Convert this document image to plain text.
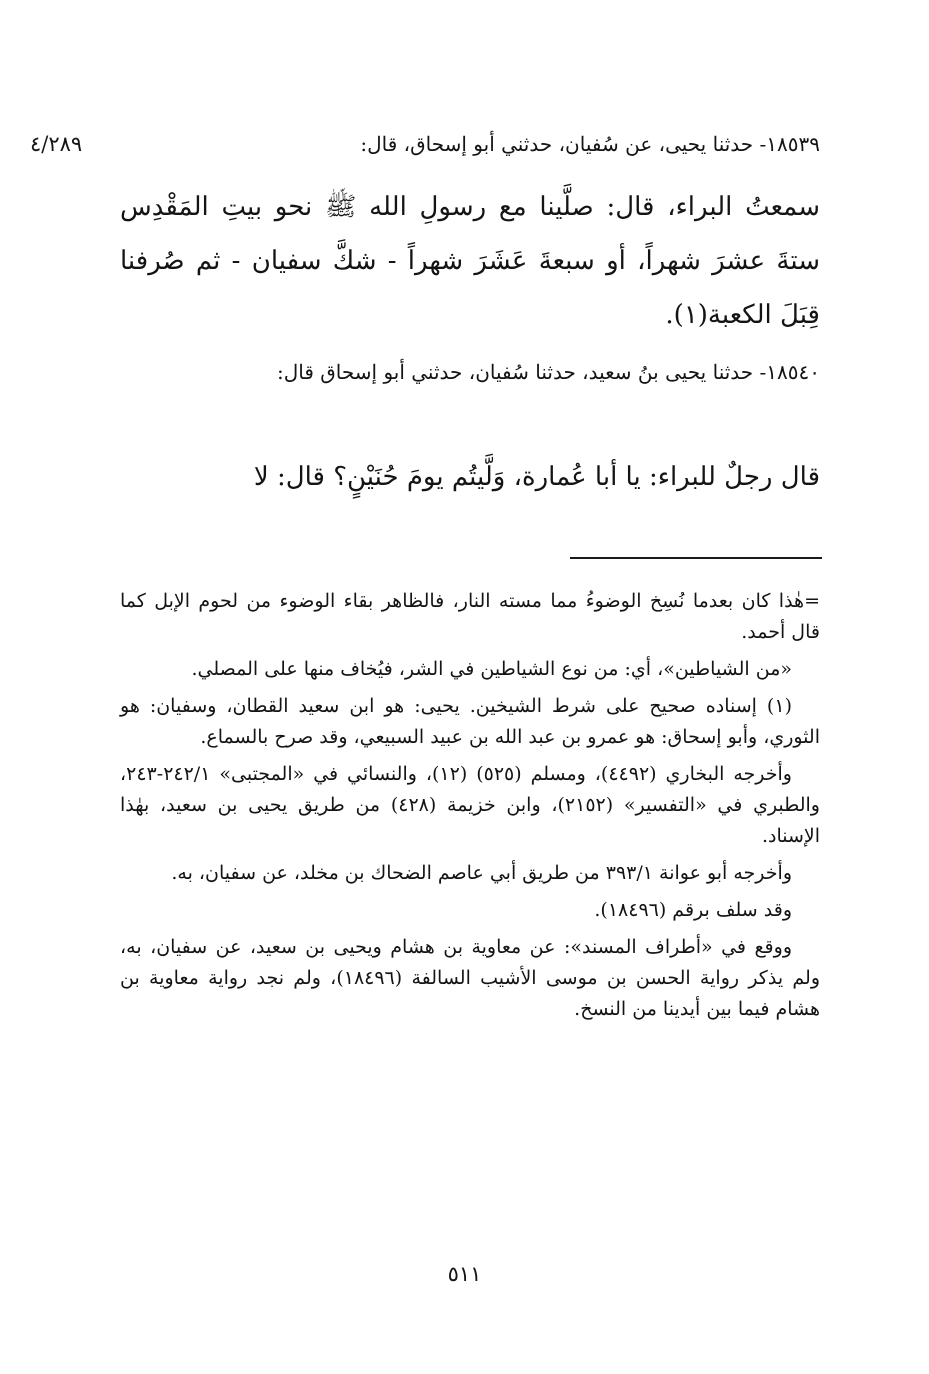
٤/٢٨٩	١٨٥٣٩- حدثنا يحيى، عن سُفيان، حدثني أبو إسحاق، قال:
سمعتُ البراء، قال: صلَّينا مع رسولِ الله ﷺ نحو بيتِ المَقْدِس ستةَ عشرَ شهراً، أو سبعةَ عَشَرَ شهراً - شكَّ سفيان - ثم صُرفنا قِبَلَ الكعبة(١).
١٨٥٤٠- حدثنا يحيى بنُ سعيد، حدثنا سُفيان، حدثني أبو إسحاق قال:
قال رجلٌ للبراء: يا أبا عُمارة، وَلَّيتُم يومَ حُنَيْنٍ؟ قال: لا

=هٰذا كان بعدما نُسِخ الوضوءُ مما مسته النار، فالظاهر بقاء الوضوء من لحوم الإبل كما قال أحمد.

«من الشياطين»، أي: من نوع الشياطين في الشر، فيُخاف منها على المصلي.

(١) إسناده صحيح على شرط الشيخين. يحيى: هو ابن سعيد القطان، وسفيان: هو الثوري، وأبو إسحاق: هو عمرو بن عبد الله بن عبيد السبيعي، وقد صرح بالسماع.

وأخرجه البخاري (٤٤٩٢)، ومسلم (٥٢٥) (١٢)، والنسائي في «المجتبى» ٢٤٢/١-٢٤٣، والطبري في «التفسير» (٢١٥٢)، وابن خزيمة (٤٢٨) من طريق يحيى بن سعيد، بهٰذا الإسناد.

وأخرجه أبو عوانة ٣٩٣/١ من طريق أبي عاصم الضحاك بن مخلد، عن سفيان، به.

وقد سلف برقم (١٨٤٩٦).

ووقع في «أطراف المسند»: عن معاوية بن هشام ويحيى بن سعيد، عن سفيان، به، ولم يذكر رواية الحسن بن موسى الأشيب السالفة (١٨٤٩٦)، ولم نجد رواية معاوية بن هشام فيما بين أيدينا من النسخ.

٥١١
